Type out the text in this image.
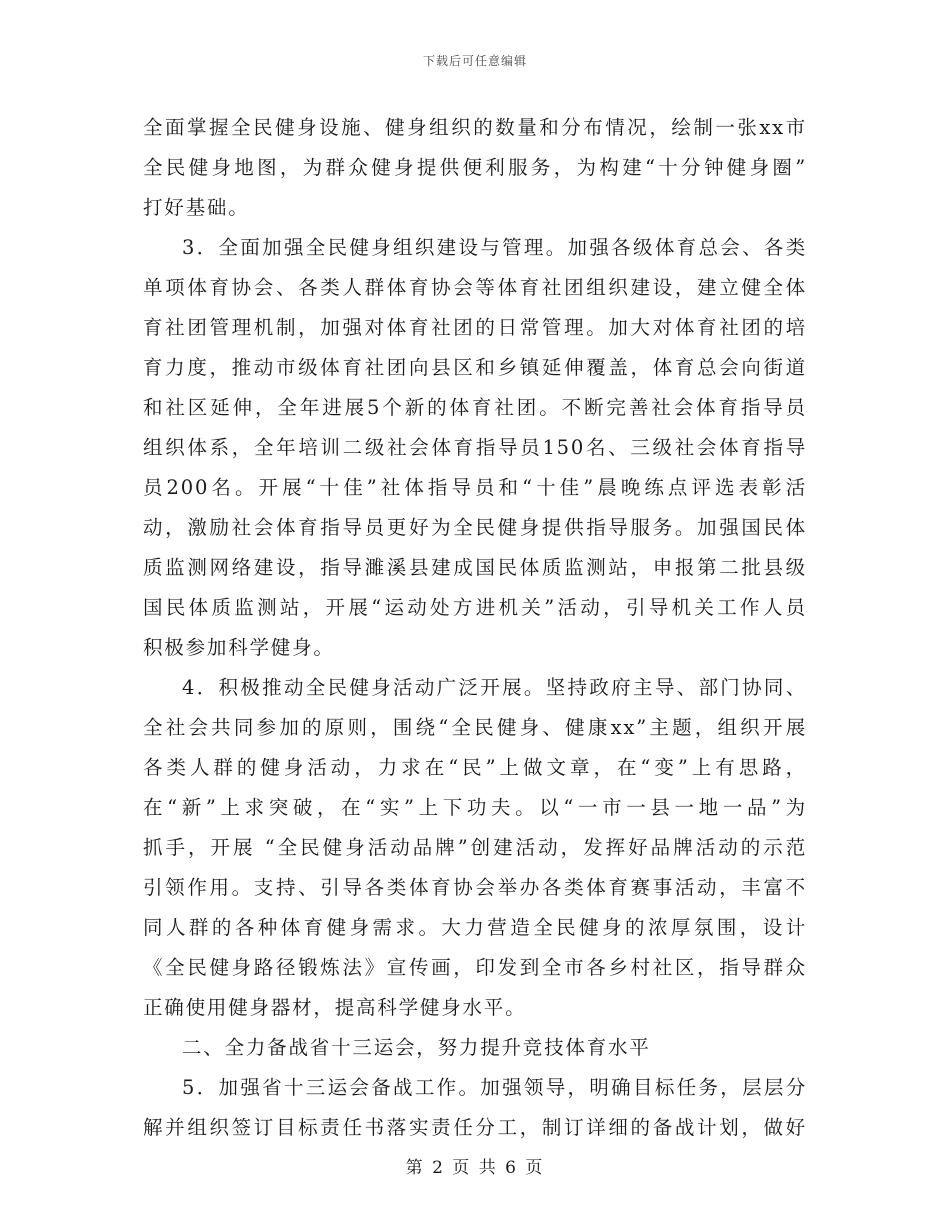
下载后可任意编辑
全面掌握全民健身设施、健身组织的数量和分布情况，绘制一张xx市
全民健身地图，为群众健身提供便利服务，为构建“十分钟健身圈”
打好基础。
3．全面加强全民健身组织建设与管理。加强各级体育总会、各类
单项体育协会、各类人群体育协会等体育社团组织建设，建立健全体
育社团管理机制，加强对体育社团的日常管理。加大对体育社团的培
育力度，推动市级体育社团向县区和乡镇延伸覆盖，体育总会向街道
和社区延伸，全年进展5个新的体育社团。不断完善社会体育指导员
组织体系，全年培训二级社会体育指导员150名、三级社会体育指导
员200名。开展“十佳”社体指导员和“十佳”晨晚练点评选表彰活
动，激励社会体育指导员更好为全民健身提供指导服务。加强国民体
质监测网络建设，指导濉溪县建成国民体质监测站，申报第二批县级
国民体质监测站，开展“运动处方进机关”活动，引导机关工作人员
积极参加科学健身。
4．积极推动全民健身活动广泛开展。坚持政府主导、部门协同、
全社会共同参加的原则，围绕“全民健身、健康xx”主题，组织开展
各类人群的健身活动，力求在“民”上做文章，在“变”上有思路，
在“新”上求突破，在“实”上下功夫。以“一市一县一地一品”为
抓手，开展 “全民健身活动品牌”创建活动，发挥好品牌活动的示范
引领作用。支持、引导各类体育协会举办各类体育赛事活动，丰富不
同人群的各种体育健身需求。大力营造全民健身的浓厚氛围，设计
《全民健身路径锻炼法》宣传画，印发到全市各乡村社区，指导群众
正确使用健身器材，提高科学健身水平。
二、全力备战省十三运会，努力提升竞技体育水平
5．加强省十三运会备战工作。加强领导，明确目标任务，层层分
解并组织签订目标责任书落实责任分工，制订详细的备战计划，做好
第 2 页 共 6 页
